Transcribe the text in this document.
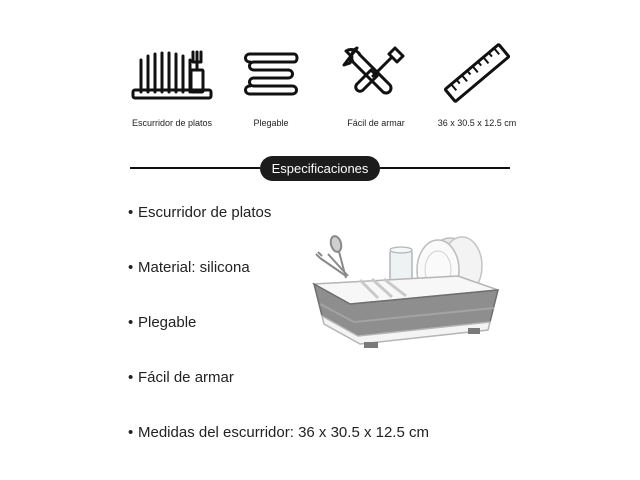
Escurridor de platos	Plegable	Fácil de armar	36 x 30.5 x 12.5 cm
Especificaciones
• Escurridor de platos
• Material: silicona
• Plegable
• Fácil de armar
• Medidas del escurridor: 36 x 30.5 x 12.5 cm
